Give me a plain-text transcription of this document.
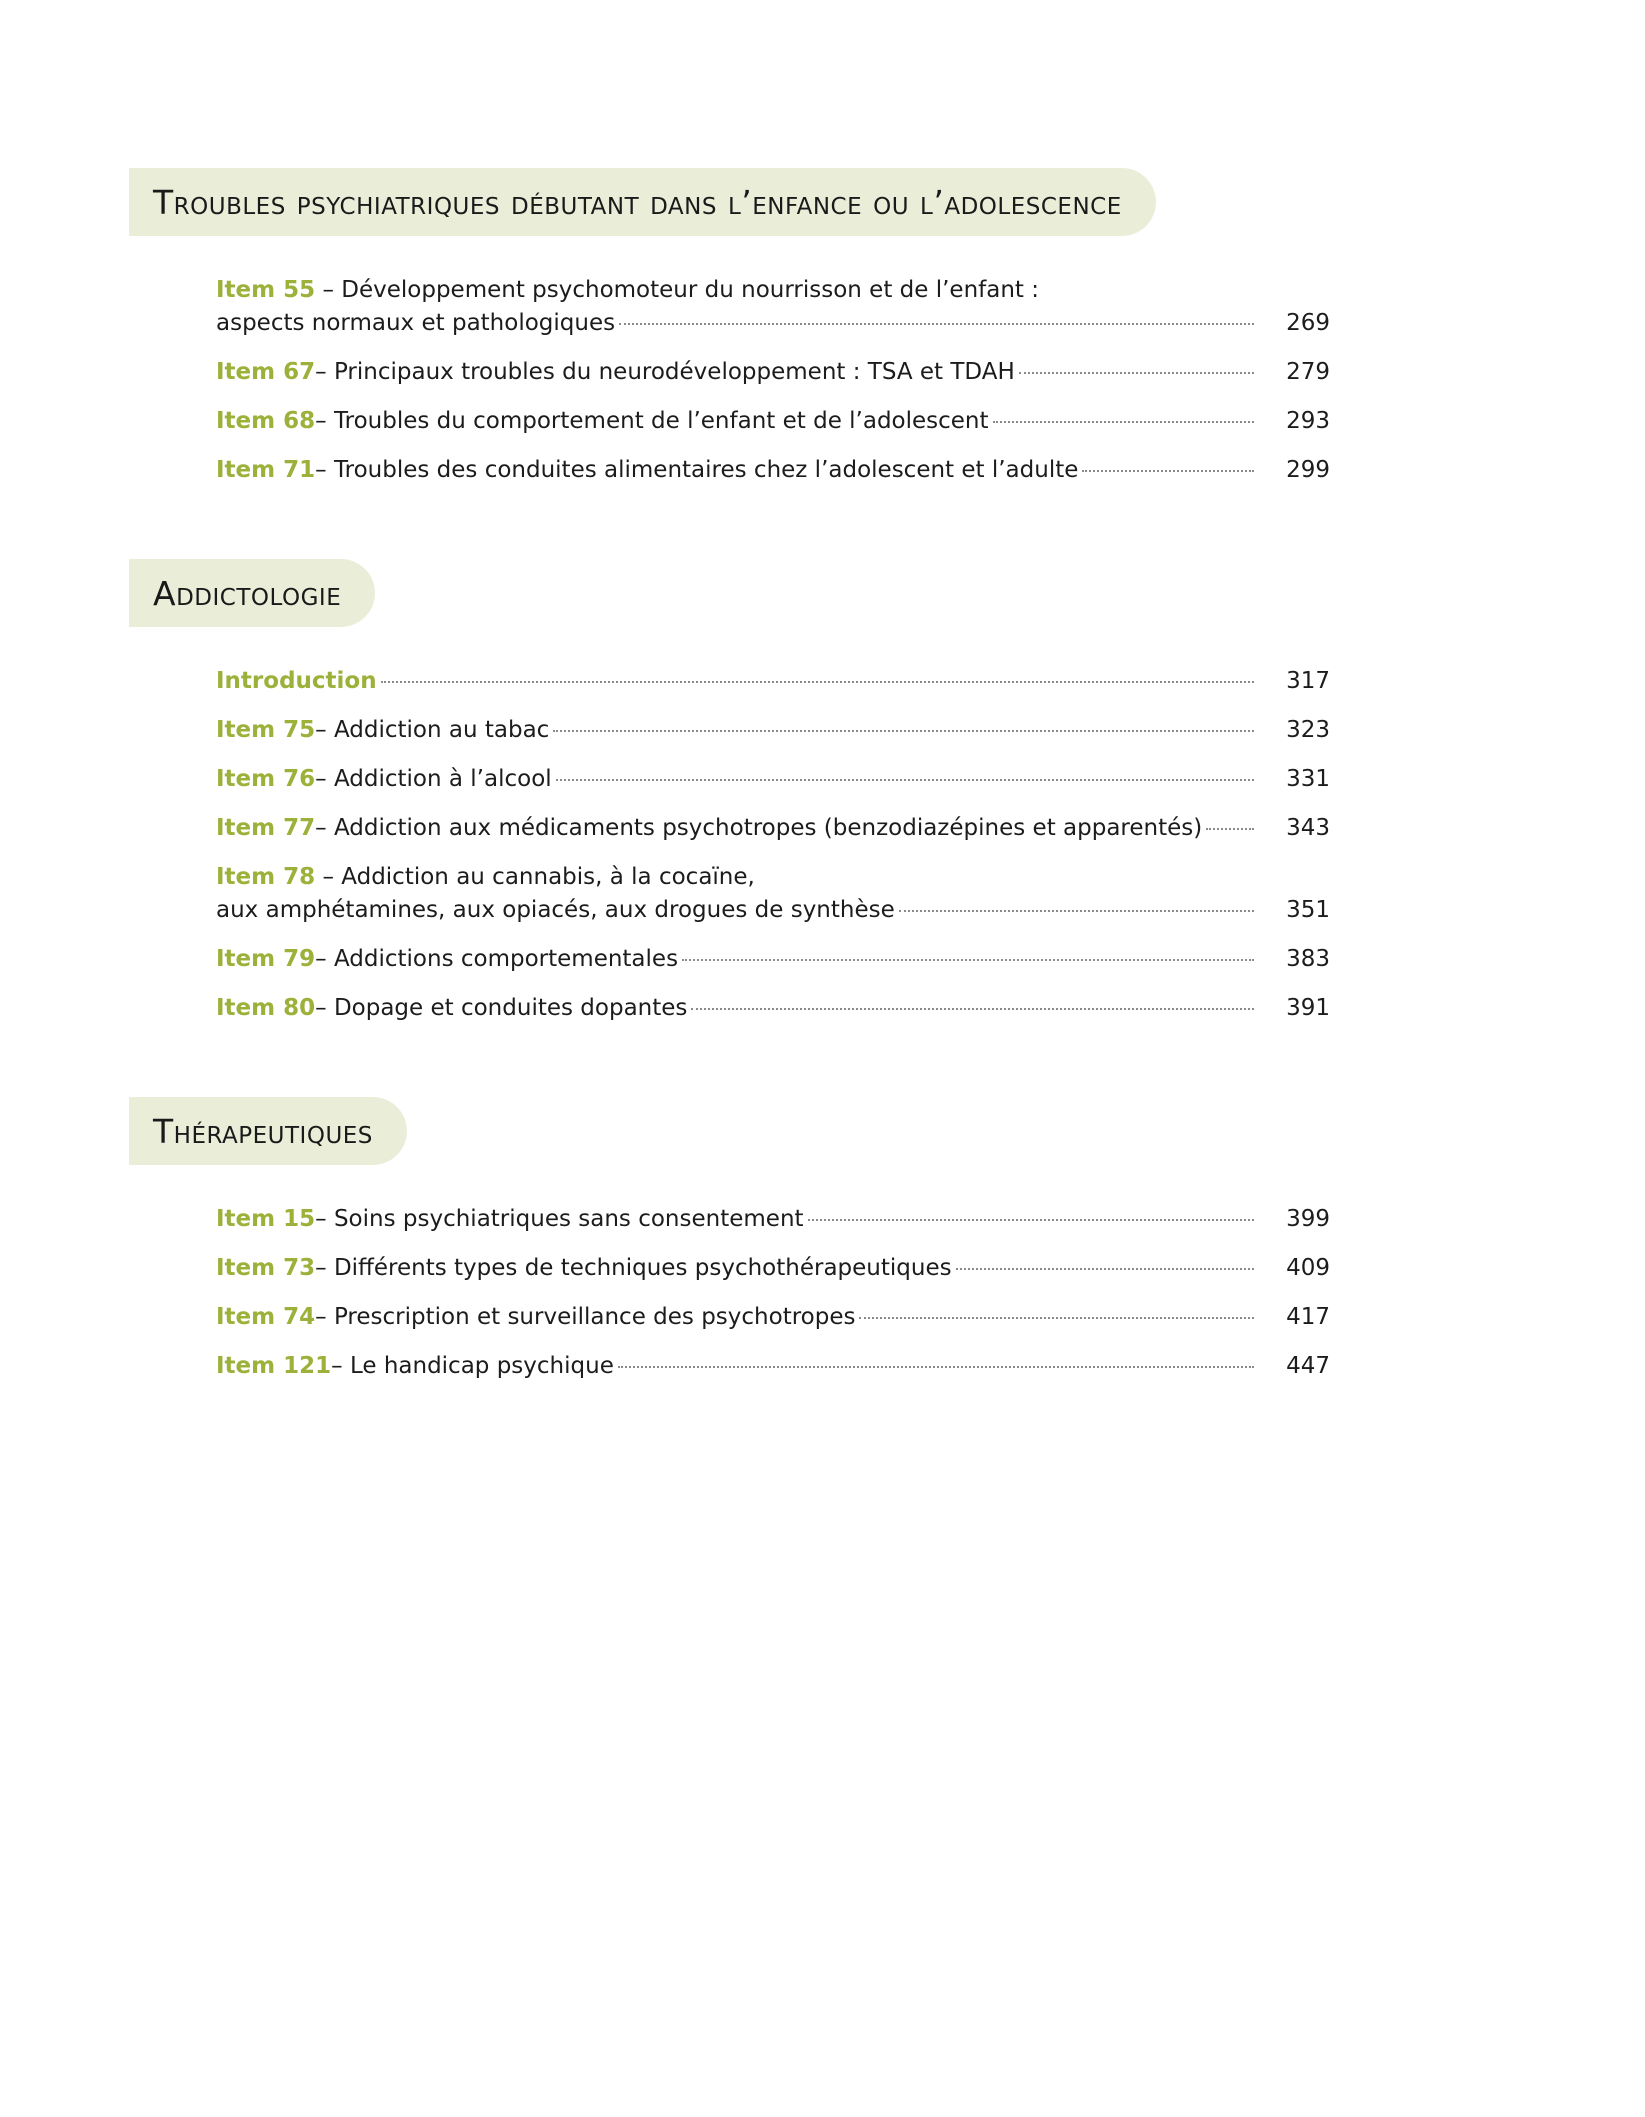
Troubles psychiatriques débutant dans l’enfance ou l’adolescence
Item 55 – Développement psychomoteur du nourrisson et de l’enfant :
aspects normaux et pathologiques	269
Item 67 – Principaux troubles du neurodéveloppement : TSA et TDAH	279
Item 68 – Troubles du comportement de l’enfant et de l’adolescent	293
Item 71 – Troubles des conduites alimentaires chez l’adolescent et l’adulte	299
Addictologie
Introduction	317
Item 75 – Addiction au tabac	323
Item 76 – Addiction à l’alcool	331
Item 77 – Addiction aux médicaments psychotropes (benzodiazépines et apparentés)	343
Item 78 – Addiction au cannabis, à la cocaïne,
aux amphétamines, aux opiacés, aux drogues de synthèse	351
Item 79 – Addictions comportementales	383
Item 80 – Dopage et conduites dopantes	391
Thérapeutiques
Item 15 – Soins psychiatriques sans consentement	399
Item 73 – Différents types de techniques psychothérapeutiques	409
Item 74 – Prescription et surveillance des psychotropes	417
Item 121 – Le handicap psychique	447
